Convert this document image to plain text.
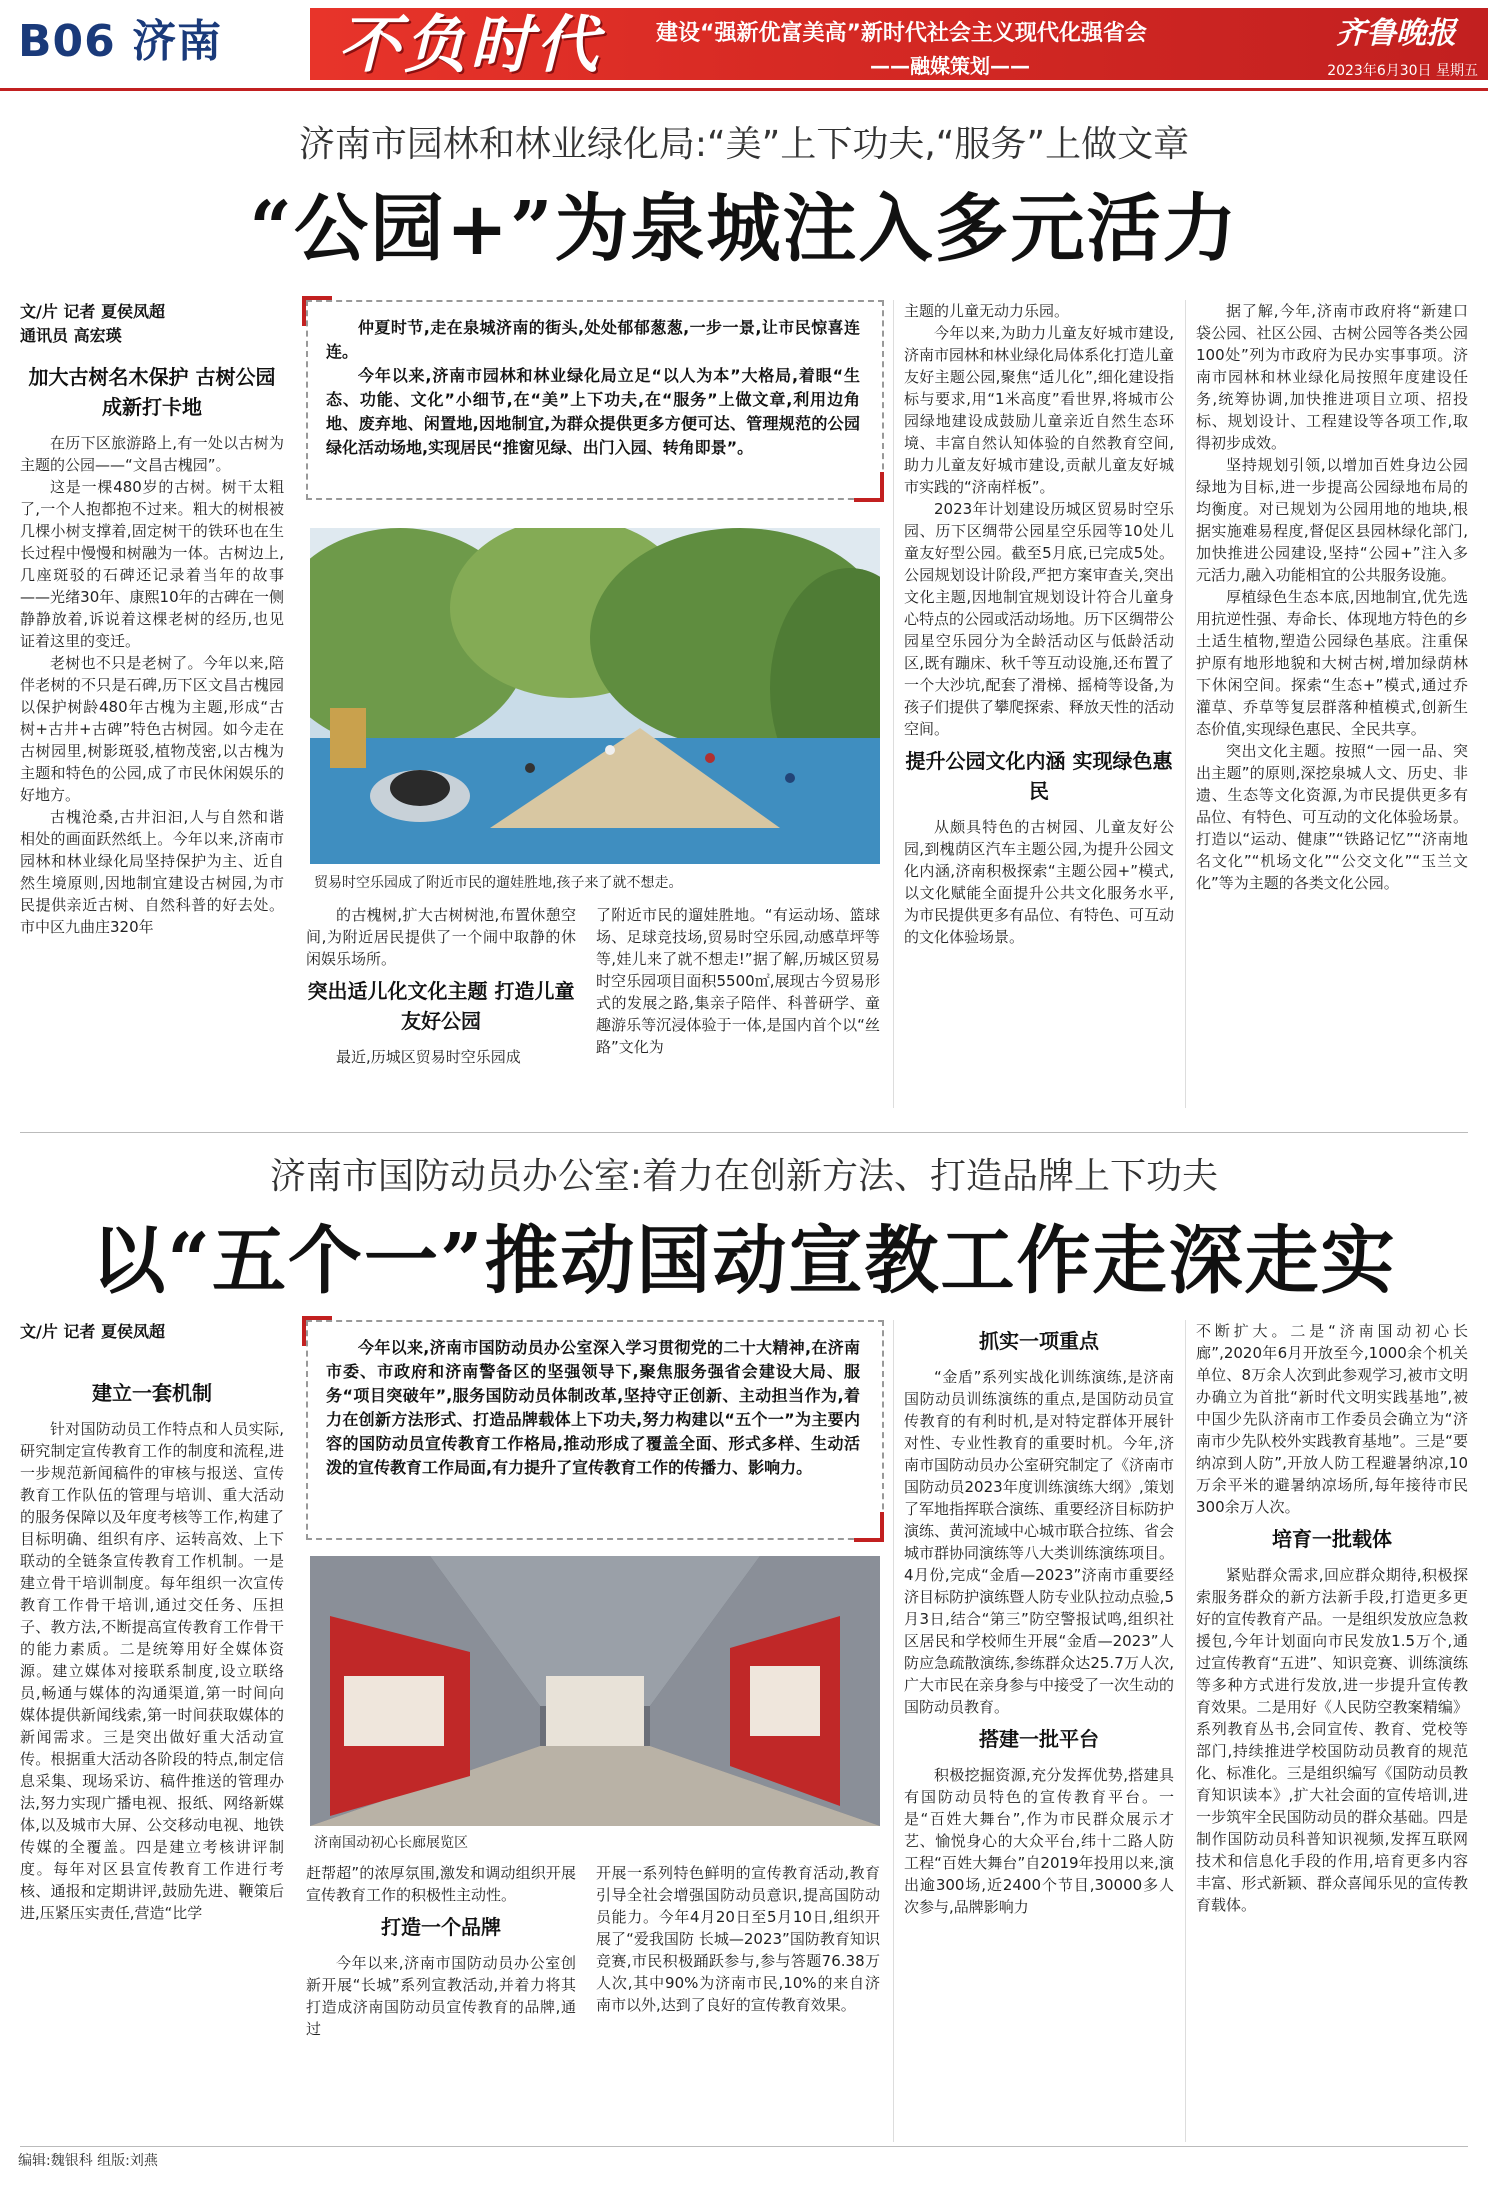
B06 济南 不负时代	建设“强新优富美高”新时代社会主义现代化强省会
——融媒策划——
齐鲁晚报
2023年6月30日 星期五
济南市园林和林业绿化局:“美”上下功夫,“服务”上做文章
“公园+”为泉城注入多元活力
文/片 记者 夏侯凤超
通讯员 高宏瑛
加大古树名木保护 古树公园成新打卡地

在历下区旅游路上,有一处以古树为主题的公园——“文昌古槐园”。

这是一棵480岁的古树。树干太粗了,一个人抱都抱不过来。粗大的树根被几棵小树支撑着,固定树干的铁环也在生长过程中慢慢和树融为一体。古树边上,几座斑驳的石碑还记录着当年的故事——光绪30年、康熙10年的古碑在一侧静静放着,诉说着这棵老树的经历,也见证着这里的变迁。

老树也不只是老树了。今年以来,陪伴老树的不只是石碑,历下区文昌古槐园以保护树龄480年古槐为主题,形成“古树+古井+古碑”特色古树园。如今走在古树园里,树影斑驳,植物茂密,以古槐为主题和特色的公园,成了市民休闲娱乐的好地方。

古槐沧桑,古井汩汩,人与自然和谐相处的画面跃然纸上。今年以来,济南市园林和林业绿化局坚持保护为主、近自然生境原则,因地制宜建设古树园,为市民提供亲近古树、自然科普的好去处。市中区九曲庄320年

仲夏时节,走在泉城济南的街头,处处郁郁葱葱,一步一景,让市民惊喜连连。

今年以来,济南市园林和林业绿化局立足“以人为本”大格局,着眼“生态、功能、文化”小细节,在“美”上下功夫,在“服务”上做文章,利用边角地、废弃地、闲置地,因地制宜,为群众提供更多方便可达、管理规范的公园绿化活动场地,实现居民“推窗见绿、出门入园、转角即景”。

贸易时空乐园成了附近市民的遛娃胜地,孩子来了就不想走。

的古槐树,扩大古树树池,布置休憩空间,为附近居民提供了一个闹中取静的休闲娱乐场所。

突出适儿化文化主题 打造儿童友好公园

最近,历城区贸易时空乐园成

了附近市民的遛娃胜地。“有运动场、篮球场、足球竞技场,贸易时空乐园,动感草坪等等,娃儿来了就不想走!”据了解,历城区贸易时空乐园项目面积5500㎡,展现古今贸易形式的发展之路,集亲子陪伴、科普研学、童趣游乐等沉浸体验于一体,是国内首个以“丝路”文化为

主题的儿童无动力乐园。

今年以来,为助力儿童友好城市建设,济南市园林和林业绿化局体系化打造儿童友好主题公园,聚焦“适儿化”,细化建设指标与要求,用“1米高度”看世界,将城市公园绿地建设成鼓励儿童亲近自然生态环境、丰富自然认知体验的自然教育空间,助力儿童友好城市建设,贡献儿童友好城市实践的“济南样板”。

2023年计划建设历城区贸易时空乐园、历下区绸带公园星空乐园等10处儿童友好型公园。截至5月底,已完成5处。公园规划设计阶段,严把方案审查关,突出文化主题,因地制宜规划设计符合儿童身心特点的公园或活动场地。历下区绸带公园星空乐园分为全龄活动区与低龄活动区,既有蹦床、秋千等互动设施,还布置了一个大沙坑,配套了滑梯、摇椅等设备,为孩子们提供了攀爬探索、释放天性的活动空间。

提升公园文化内涵 实现绿色惠民

从颇具特色的古树园、儿童友好公园,到槐荫区汽车主题公园,为提升公园文化内涵,济南积极探索“主题公园+”模式,以文化赋能全面提升公共文化服务水平,为市民提供更多有品位、有特色、可互动的文化体验场景。

据了解,今年,济南市政府将“新建口袋公园、社区公园、古树公园等各类公园100处”列为市政府为民办实事事项。济南市园林和林业绿化局按照年度建设任务,统筹协调,加快推进项目立项、招投标、规划设计、工程建设等各项工作,取得初步成效。

坚持规划引领,以增加百姓身边公园绿地为目标,进一步提高公园绿地布局的均衡度。对已规划为公园用地的地块,根据实施难易程度,督促区县园林绿化部门,加快推进公园建设,坚持“公园+”注入多元活力,融入功能相宜的公共服务设施。

厚植绿色生态本底,因地制宜,优先选用抗逆性强、寿命长、体现地方特色的乡土适生植物,塑造公园绿色基底。注重保护原有地形地貌和大树古树,增加绿荫林下休闲空间。探索“生态+”模式,通过乔灌草、乔草等复层群落种植模式,创新生态价值,实现绿色惠民、全民共享。

突出文化主题。按照“一园一品、突出主题”的原则,深挖泉城人文、历史、非遗、生态等文化资源,为市民提供更多有品位、有特色、可互动的文化体验场景。打造以“运动、健康”“铁路记忆”“济南地名文化”“机场文化”“公交文化”“玉兰文化”等为主题的各类文化公园。

济南市国防动员办公室:着力在创新方法、打造品牌上下功夫
以“五个一”推动国动宣教工作走深走实
文/片 记者 夏侯凤超
建立一套机制

针对国防动员工作特点和人员实际,研究制定宣传教育工作的制度和流程,进一步规范新闻稿件的审核与报送、宣传教育工作队伍的管理与培训、重大活动的服务保障以及年度考核等工作,构建了目标明确、组织有序、运转高效、上下联动的全链条宣传教育工作机制。一是建立骨干培训制度。每年组织一次宣传教育工作骨干培训,通过交任务、压担子、教方法,不断提高宣传教育工作骨干的能力素质。二是统筹用好全媒体资源。建立媒体对接联系制度,设立联络员,畅通与媒体的沟通渠道,第一时间向媒体提供新闻线索,第一时间获取媒体的新闻需求。三是突出做好重大活动宣传。根据重大活动各阶段的特点,制定信息采集、现场采访、稿件推送的管理办法,努力实现广播电视、报纸、网络新媒体,以及城市大屏、公交移动电视、地铁传媒的全覆盖。四是建立考核讲评制度。每年对区县宣传教育工作进行考核、通报和定期讲评,鼓励先进、鞭策后进,压紧压实责任,营造“比学

今年以来,济南市国防动员办公室深入学习贯彻党的二十大精神,在济南市委、市政府和济南警备区的坚强领导下,聚焦服务强省会建设大局、服务“项目突破年”,服务国防动员体制改革,坚持守正创新、主动担当作为,着力在创新方法形式、打造品牌载体上下功夫,努力构建以“五个一”为主要内容的国防动员宣传教育工作格局,推动形成了覆盖全面、形式多样、生动活泼的宣传教育工作局面,有力提升了宣传教育工作的传播力、影响力。

济南国动初心长廊展览区

赶帮超”的浓厚氛围,激发和调动组织开展宣传教育工作的积极性主动性。

打造一个品牌

今年以来,济南市国防动员办公室创新开展“长城”系列宣教活动,并着力将其打造成济南国防动员宣传教育的品牌,通过

开展一系列特色鲜明的宣传教育活动,教育引导全社会增强国防动员意识,提高国防动员能力。今年4月20日至5月10日,组织开展了“爱我国防 长城—2023”国防教育知识竞赛,市民积极踊跃参与,参与答题76.38万人次,其中90%为济南市民,10%的来自济南市以外,达到了良好的宣传教育效果。

抓实一项重点

“金盾”系列实战化训练演练,是济南国防动员训练演练的重点,是国防动员宣传教育的有利时机,是对特定群体开展针对性、专业性教育的重要时机。今年,济南市国防动员办公室研究制定了《济南市国防动员2023年度训练演练大纲》,策划了军地指挥联合演练、重要经济目标防护演练、黄河流域中心城市联合拉练、省会城市群协同演练等八大类训练演练项目。4月份,完成“金盾—2023”济南市重要经济目标防护演练暨人防专业队拉动点验,5月3日,结合“第三”防空警报试鸣,组织社区居民和学校师生开展“金盾—2023”人防应急疏散演练,参练群众达25.7万人次,广大市民在亲身参与中接受了一次生动的国防动员教育。

搭建一批平台

积极挖掘资源,充分发挥优势,搭建具有国防动员特色的宣传教育平台。一是“百姓大舞台”,作为市民群众展示才艺、愉悦身心的大众平台,纬十二路人防工程“百姓大舞台”自2019年投用以来,演出逾300场,近2400个节目,30000多人次参与,品牌影响力

不断扩大。二是“济南国动初心长廊”,2020年6月开放至今,1000余个机关单位、8万余人次到此参观学习,被市文明办确立为首批“新时代文明实践基地”,被中国少先队济南市工作委员会确立为“济南市少先队校外实践教育基地”。三是“要纳凉到人防”,开放人防工程避暑纳凉,10万余平米的避暑纳凉场所,每年接待市民300余万人次。

培育一批载体

紧贴群众需求,回应群众期待,积极探索服务群众的新方法新手段,打造更多更好的宣传教育产品。一是组织发放应急救援包,今年计划面向市民发放1.5万个,通过宣传教育“五进”、知识竞赛、训练演练等多种方式进行发放,进一步提升宣传教育效果。二是用好《人民防空教案精编》系列教育丛书,会同宣传、教育、党校等部门,持续推进学校国防动员教育的规范化、标准化。三是组织编写《国防动员教育知识读本》,扩大社会面的宣传培训,进一步筑牢全民国防动员的群众基础。四是制作国防动员科普知识视频,发挥互联网技术和信息化手段的作用,培育更多内容丰富、形式新颖、群众喜闻乐见的宣传教育载体。

编辑:魏银科 组版:刘燕
